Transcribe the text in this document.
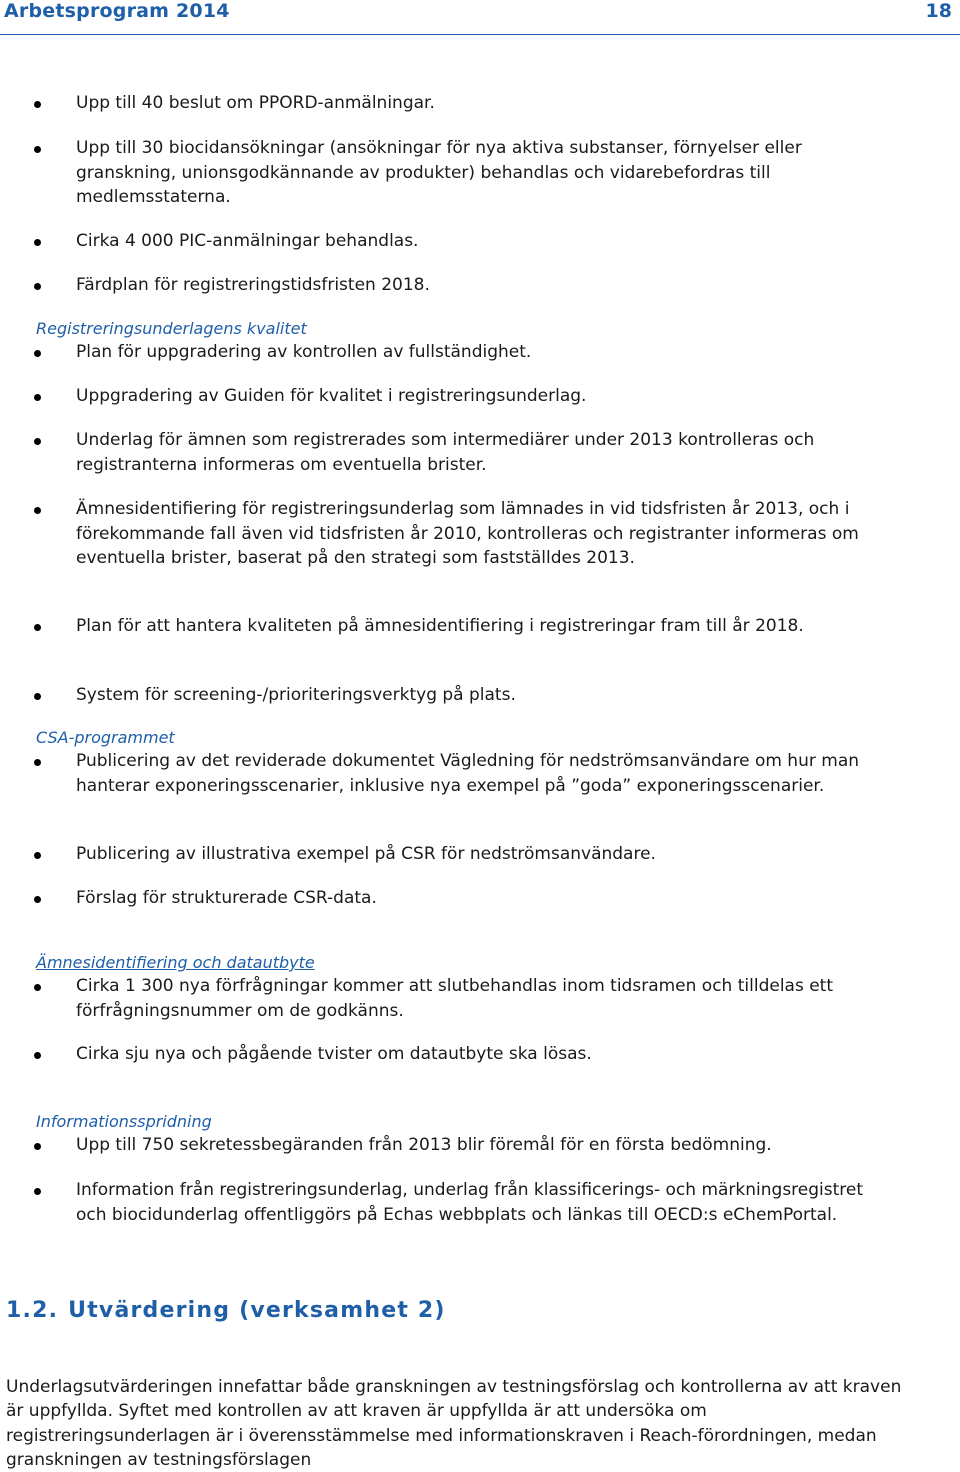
Arbetsprogram 2014	18
Upp till 40 beslut om PPORD-anmälningar.
Upp till 30 biocidansökningar (ansökningar för nya aktiva substanser, förnyelser eller granskning, unionsgodkännande av produkter) behandlas och vidarebefordras till medlemsstaterna.
Cirka 4 000 PIC-anmälningar behandlas.
Färdplan för registreringstidsfristen 2018.
Registreringsunderlagens kvalitet
Plan för uppgradering av kontrollen av fullständighet.
Uppgradering av Guiden för kvalitet i registreringsunderlag.
Underlag för ämnen som registrerades som intermediärer under 2013 kontrolleras och registranterna informeras om eventuella brister.
Ämnesidentifiering för registreringsunderlag som lämnades in vid tidsfristen år 2013, och i förekommande fall även vid tidsfristen år 2010, kontrolleras och registranter informeras om eventuella brister, baserat på den strategi som fastställdes 2013.
Plan för att hantera kvaliteten på ämnesidentifiering i registreringar fram till år 2018.
System för screening-/prioriteringsverktyg på plats.
CSA-programmet
Publicering av det reviderade dokumentet Vägledning för nedströmsanvändare om hur man hanterar exponeringsscenarier, inklusive nya exempel på ”goda” exponeringsscenarier.
Publicering av illustrativa exempel på CSR för nedströmsanvändare.
Förslag för strukturerade CSR-data.
Ämnesidentifiering och datautbyte
Cirka 1 300 nya förfrågningar kommer att slutbehandlas inom tidsramen och tilldelas ett förfrågningsnummer om de godkänns.
Cirka sju nya och pågående tvister om datautbyte ska lösas.
Informationsspridning
Upp till 750 sekretessbegäranden från 2013 blir föremål för en första bedömning.
Information från registreringsunderlag, underlag från klassificerings- och märkningsregistret och biocidunderlag offentliggörs på Echas webbplats och länkas till OECD:s eChemPortal.
1.2. Utvärdering (verksamhet 2)
Underlagsutvärderingen innefattar både granskningen av testningsförslag och kontrollerna av att kraven är uppfyllda. Syftet med kontrollen av att kraven är uppfyllda är att undersöka om registreringsunderlagen är i överensstämmelse med informationskraven i Reach-förordningen, medan granskningen av testningsförslagen
